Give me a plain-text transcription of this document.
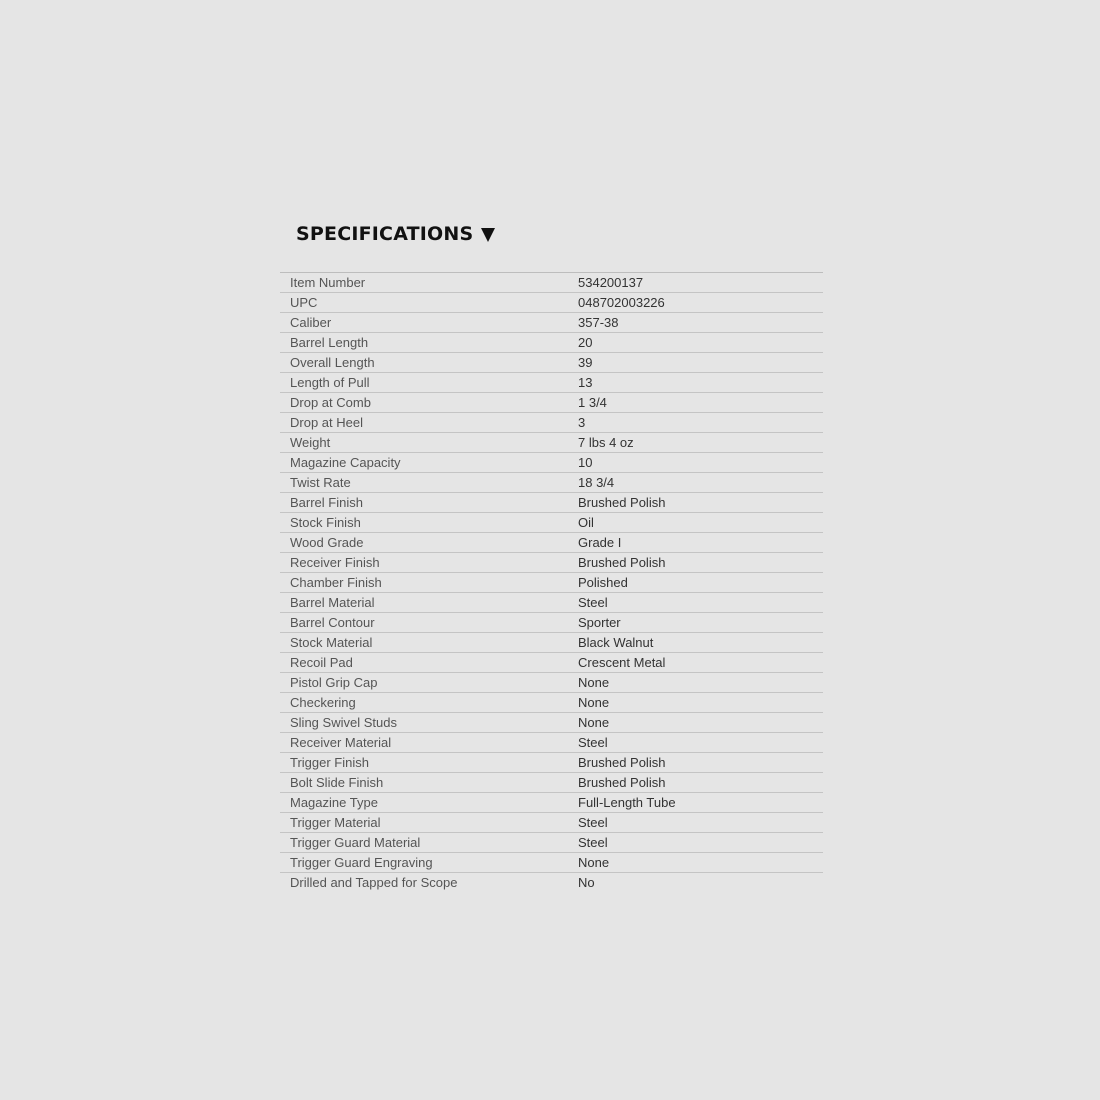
SPECIFICATIONS
Item Number	534200137
UPC	048702003226
Caliber	357-38
Barrel Length	20
Overall Length	39
Length of Pull	13
Drop at Comb	1 3/4
Drop at Heel	3
Weight	7 lbs 4 oz
Magazine Capacity	10
Twist Rate	18 3/4
Barrel Finish	Brushed Polish
Stock Finish	Oil
Wood Grade	Grade I
Receiver Finish	Brushed Polish
Chamber Finish	Polished
Barrel Material	Steel
Barrel Contour	Sporter
Stock Material	Black Walnut
Recoil Pad	Crescent Metal
Pistol Grip Cap	None
Checkering	None
Sling Swivel Studs	None
Receiver Material	Steel
Trigger Finish	Brushed Polish
Bolt Slide Finish	Brushed Polish
Magazine Type	Full-Length Tube
Trigger Material	Steel
Trigger Guard Material	Steel
Trigger Guard Engraving	None
Drilled and Tapped for Scope	No
